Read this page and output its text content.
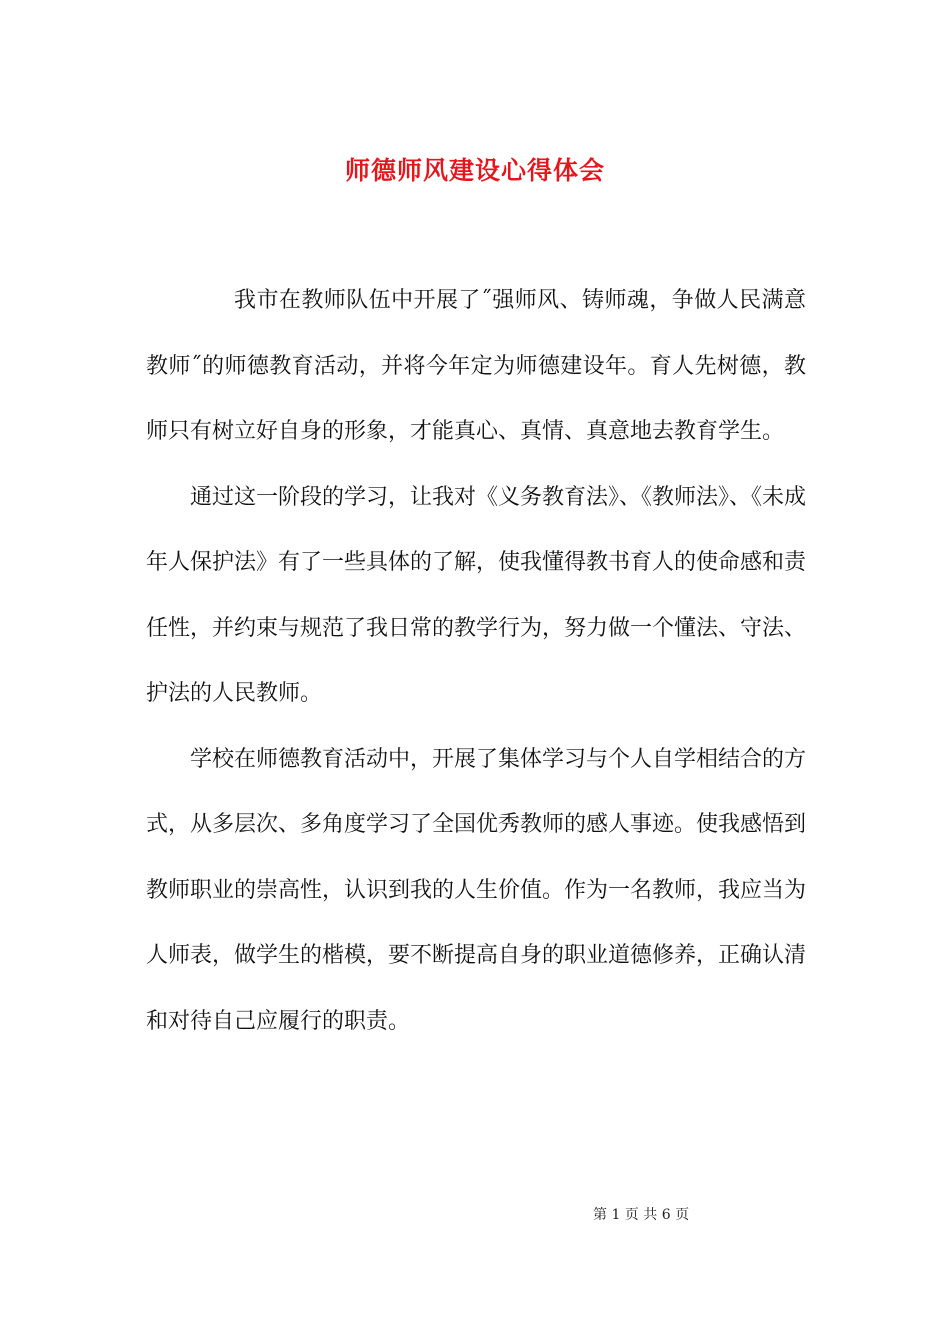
师德师风建设心得体会

我市在教师队伍中开展了˝强师风、铸师魂，争做人民满意教师˝的师德教育活动，并将今年定为师德建设年。育人先树德，教师只有树立好自身的形象，才能真心、真情、真意地去教育学生。

通过这一阶段的学习，让我对《义务教育法》、《教师法》、《未成年人保护法》有了一些具体的了解，使我懂得教书育人的使命感和责任性，并约束与规范了我日常的教学行为，努力做一个懂法、守法、护法的人民教师。

学校在师德教育活动中，开展了集体学习与个人自学相结合的方式，从多层次、多角度学习了全国优秀教师的感人事迹。使我感悟到教师职业的崇高性，认识到我的人生价值。作为一名教师，我应当为人师表，做学生的楷模，要不断提高自身的职业道德修养，正确认清和对待自己应履行的职责。

第 1 页 共 6 页
